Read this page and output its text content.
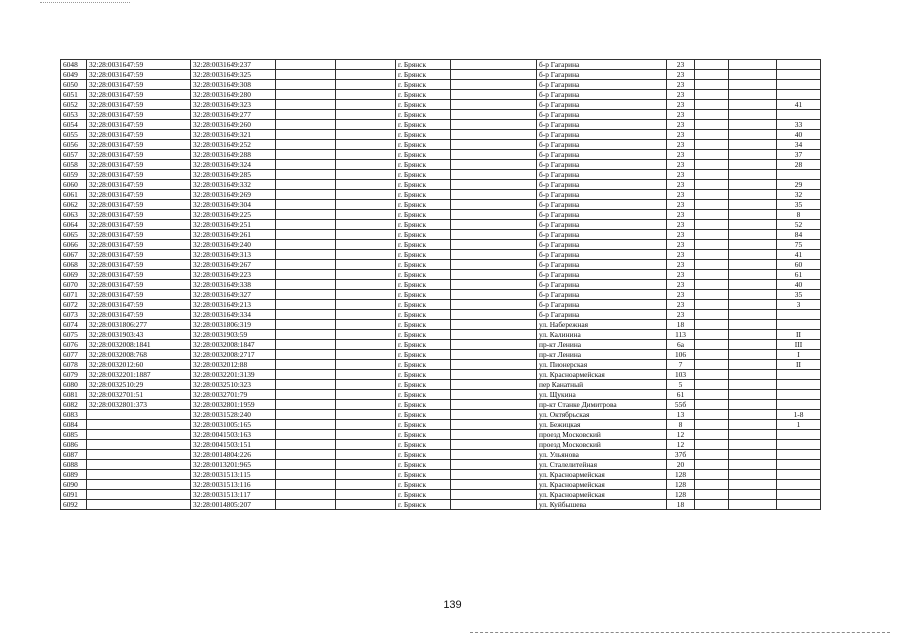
6048	32:28:0031647:59	32:28:0031649:237			г. Брянск		б-р Гагарина	23			
6049	32:28:0031647:59	32:28:0031649:325			г. Брянск		б-р Гагарина	23			
6050	32:28:0031647:59	32:28:0031649:308			г. Брянск		б-р Гагарина	23			
6051	32:28:0031647:59	32:28:0031649:280			г. Брянск		б-р Гагарина	23			
6052	32:28:0031647:59	32:28:0031649:323			г. Брянск		б-р Гагарина	23			41
6053	32:28:0031647:59	32:28:0031649:277			г. Брянск		б-р Гагарина	23			
6054	32:28:0031647:59	32:28:0031649:260			г. Брянск		б-р Гагарина	23			33
6055	32:28:0031647:59	32:28:0031649:321			г. Брянск		б-р Гагарина	23			40
6056	32:28:0031647:59	32:28:0031649:252			г. Брянск		б-р Гагарина	23			34
6057	32:28:0031647:59	32:28:0031649:288			г. Брянск		б-р Гагарина	23			37
6058	32:28:0031647:59	32:28:0031649:324			г. Брянск		б-р Гагарина	23			28
6059	32:28:0031647:59	32:28:0031649:285			г. Брянск		б-р Гагарина	23			
6060	32:28:0031647:59	32:28:0031649:332			г. Брянск		б-р Гагарина	23			29
6061	32:28:0031647:59	32:28:0031649:269			г. Брянск		б-р Гагарина	23			32
6062	32:28:0031647:59	32:28:0031649:304			г. Брянск		б-р Гагарина	23			35
6063	32:28:0031647:59	32:28:0031649:225			г. Брянск		б-р Гагарина	23			8
6064	32:28:0031647:59	32:28:0031649:251			г. Брянск		б-р Гагарина	23			52
6065	32:28:0031647:59	32:28:0031649:261			г. Брянск		б-р Гагарина	23			84
6066	32:28:0031647:59	32:28:0031649:240			г. Брянск		б-р Гагарина	23			75
6067	32:28:0031647:59	32:28:0031649:313			г. Брянск		б-р Гагарина	23			41
6068	32:28:0031647:59	32:28:0031649:267			г. Брянск		б-р Гагарина	23			60
6069	32:28:0031647:59	32:28:0031649:223			г. Брянск		б-р Гагарина	23			61
6070	32:28:0031647:59	32:28:0031649:338			г. Брянск		б-р Гагарина	23			40
6071	32:28:0031647:59	32:28:0031649:327			г. Брянск		б-р Гагарина	23			35
6072	32:28:0031647:59	32:28:0031649:213			г. Брянск		б-р Гагарина	23			3
6073	32:28:0031647:59	32:28:0031649:334			г. Брянск		б-р Гагарина	23			
6074	32:28:0031806:277	32:28:0031806:319			г. Брянск		ул. Набережная	18			
6075	32:28:0031903:43	32:28:0031903:59			г. Брянск		ул. Калинина	113			II
6076	32:28:0032008:1841	32:28:0032008:1847			г. Брянск		пр-кт Ленина	6а			III
6077	32:28:0032008:768	32:28:0032008:2717			г. Брянск		пр-кт Ленина	106			I
6078	32:28:0032012:60	32:28:0032012:88			г. Брянск		ул. Пионерская	7			II
6079	32:28:0032201:1887	32:28:0032201:3139			г. Брянск		ул. Красноармейская	103			
6080	32:28:0032510:29	32:28:0032510:323			г. Брянск		пер Канатный	5			
6081	32:28:0032701:51	32:28:0032701:79			г. Брянск		ул. Щукина	61			
6082	32:28:0032801:373	32:28:0032801:1959			г. Брянск		пр-кт Станке Димитрова	55б			
6083		32:28:0031528:240			г. Брянск		ул. Октябрьская	13			1-8
6084		32:28:0031005:165			г. Брянск		ул. Бежицкая	8			1
6085		32:28:0041503:163			г. Брянск		проезд Московский	12			
6086		32:28:0041503:151			г. Брянск		проезд Московский	12			
6087		32:28:0014804:226			г. Брянск		ул. Ульянова	37б			
6088		32:28:0013201:965			г. Брянск		ул. Сталелитейная	20			
6089		32:28:0031513:115			г. Брянск		ул. Красноармейская	128			
6090		32:28:0031513:116			г. Брянск		ул. Красноармейская	128			
6091		32:28:0031513:117			г. Брянск		ул. Красноармейская	128			
6092		32:28:0014805:207			г. Брянск		ул. Куйбышева	18			
139
